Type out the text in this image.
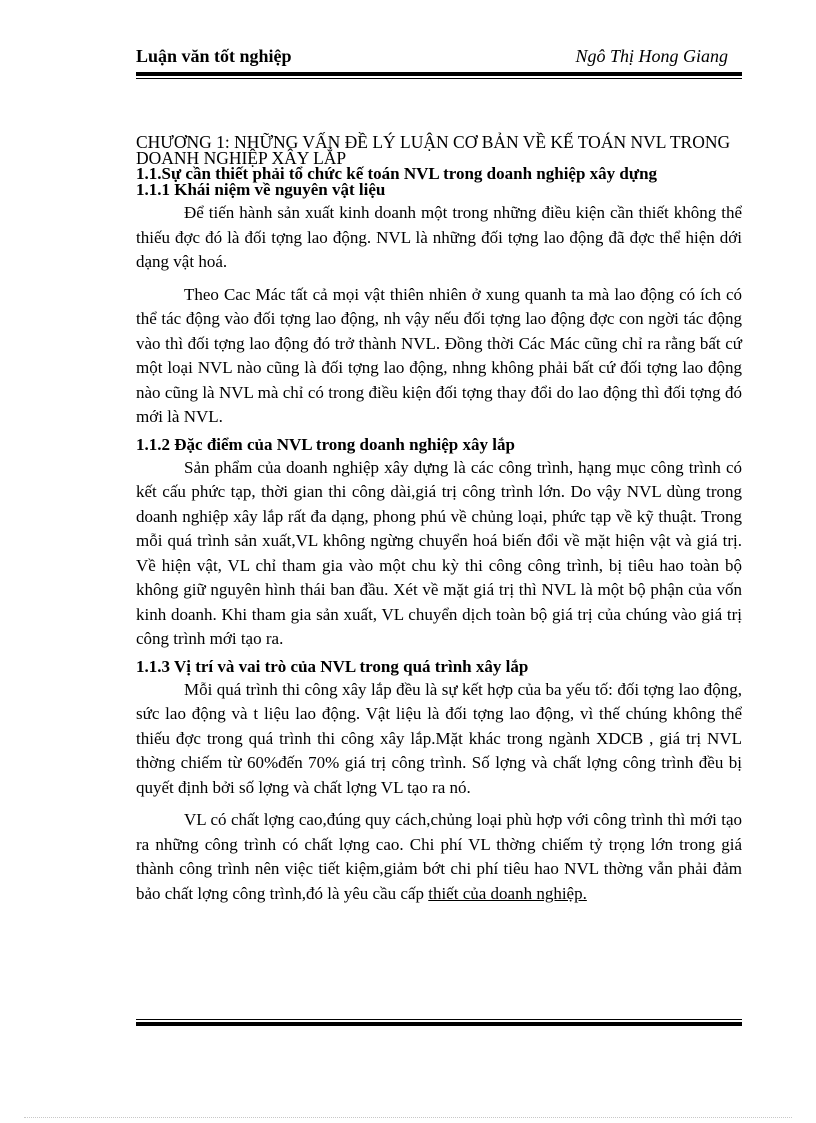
Luận văn tốt nghiệp	Ngô Thị Hong Giang

CHƯƠNG 1: NHỮNG VẤN ĐỀ LÝ LUẬN CƠ BẢN VỀ KẾ TOÁN NVL TRONG DOANH NGHIỆP XÂY LẮP

1.1.Sự cần thiết phải tổ chức kế toán NVL trong doanh nghiệp xây dựng

1.1.1 Khái niệm về nguyên vật liệu

Để tiến hành sản xuất kinh doanh một trong những điều kiện cần thiết không thể thiếu đợc đó là đối tợng lao động. NVL là những đối tợng lao động đã đợc thể hiện dới dạng vật hoá.

Theo Cac Mác tất cả mọi vật thiên nhiên ở xung quanh ta mà lao động có ích có thể tác động vào đối tợng lao động, nh vậy nếu đối tợng lao động đợc con ngời tác động vào thì đối tợng lao động đó trở thành NVL. Đồng thời Các Mác cũng chỉ ra rằng bất cứ một loại NVL nào cũng là đối tợng lao động, nhng không phải bất cứ đối tợng lao động nào cũng là NVL mà chỉ có trong điều kiện đối tợng thay đổi do lao động thì đối tợng đó mới là NVL.

1.1.2 Đặc điểm của NVL trong doanh nghiệp xây lắp

Sản phẩm của doanh nghiệp xây dựng là các công trình, hạng mục công trình có kết cấu phức tạp, thời gian thi công dài,giá trị công trình lớn. Do vậy NVL dùng trong doanh nghiệp xây lắp rất đa dạng, phong phú về chủng loại, phức tạp về kỹ thuật. Trong mỗi quá trình sản xuất,VL không ngừng chuyển hoá biến đổi về mặt hiện vật và giá trị. Về hiện vật, VL chỉ tham gia vào một chu kỳ thi công công trình, bị tiêu hao toàn bộ không giữ nguyên hình thái ban đầu. Xét về mặt giá trị thì NVL là một bộ phận của vốn kinh doanh. Khi tham gia sản xuất, VL chuyển dịch toàn bộ giá trị của chúng vào giá trị công trình mới tạo ra.

1.1.3 Vị trí và vai trò của NVL trong quá trình xây lắp

Mỗi quá trình thi công xây lắp đều là sự kết hợp của ba yếu tố: đối tợng lao động, sức lao động và t liệu lao động. Vật liệu là đối tợng lao động, vì thế chúng không thể thiếu đợc trong quá trình thi công xây lắp.Mặt khác trong ngành XDCB , giá trị NVL thờng chiếm từ 60%đến 70% giá trị công trình. Số lợng và chất lợng công trình đều bị quyết định bởi số lợng và chất lợng VL tạo ra nó.

VL có chất lợng cao,đúng quy cách,chủng loại phù hợp với công trình thì mới tạo ra những công trình có chất lợng cao. Chi phí VL thờng chiếm tỷ trọng lớn trong giá thành công trình nên việc tiết kiệm,giảm bớt chi phí tiêu hao NVL thờng vẫn phải đảm bảo chất lợng công trình,đó là yêu cầu cấp thiết của doanh nghiệp.
